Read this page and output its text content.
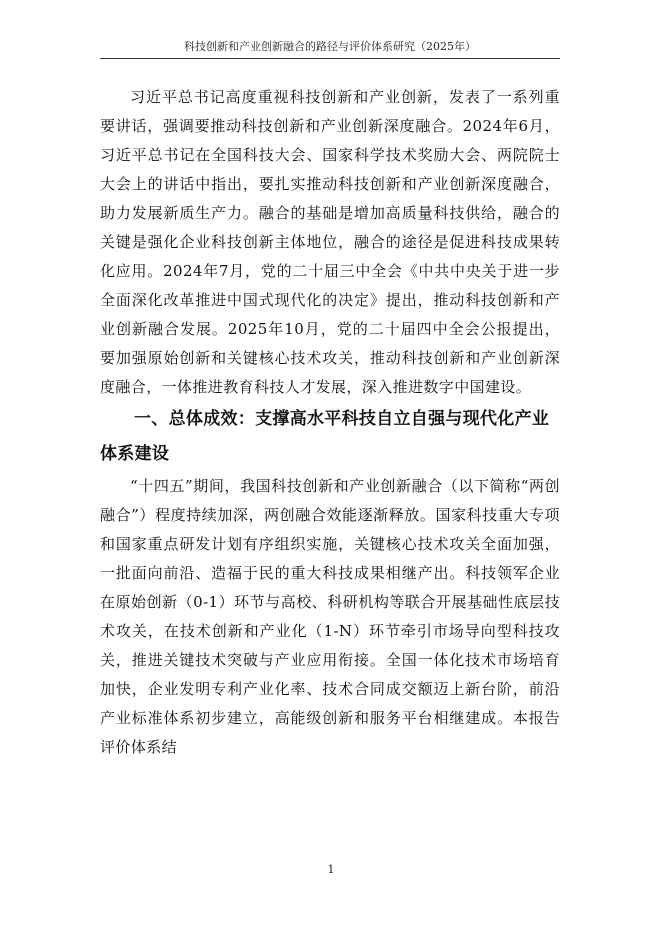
科技创新和产业创新融合的路径与评价体系研究（2025年）

习近平总书记高度重视科技创新和产业创新，发表了一系列重要讲话，强调要推动科技创新和产业创新深度融合。2024年6月，习近平总书记在全国科技大会、国家科学技术奖励大会、两院院士大会上的讲话中指出，要扎实推动科技创新和产业创新深度融合，助力发展新质生产力。融合的基础是增加高质量科技供给，融合的关键是强化企业科技创新主体地位，融合的途径是促进科技成果转化应用。2024年7月，党的二十届三中全会《中共中央关于进一步全面深化改革推进中国式现代化的决定》提出，推动科技创新和产业创新融合发展。2025年10月，党的二十届四中全会公报提出，要加强原始创新和关键核心技术攻关，推动科技创新和产业创新深度融合，一体推进教育科技人才发展，深入推进数字中国建设。

一、总体成效：支撑高水平科技自立自强与现代化产业体系建设

“十四五”期间，我国科技创新和产业创新融合（以下简称“两创融合”）程度持续加深，两创融合效能逐渐释放。国家科技重大专项和国家重点研发计划有序组织实施，关键核心技术攻关全面加强，一批面向前沿、造福于民的重大科技成果相继产出。科技领军企业在原始创新（0-1）环节与高校、科研机构等联合开展基础性底层技术攻关，在技术创新和产业化（1-N）环节牵引市场导向型科技攻关，推进关键技术突破与产业应用衔接。全国一体化技术市场培育加快，企业发明专利产业化率、技术合同成交额迈上新台阶，前沿产业标准体系初步建立，高能级创新和服务平台相继建成。本报告评价体系结

1
